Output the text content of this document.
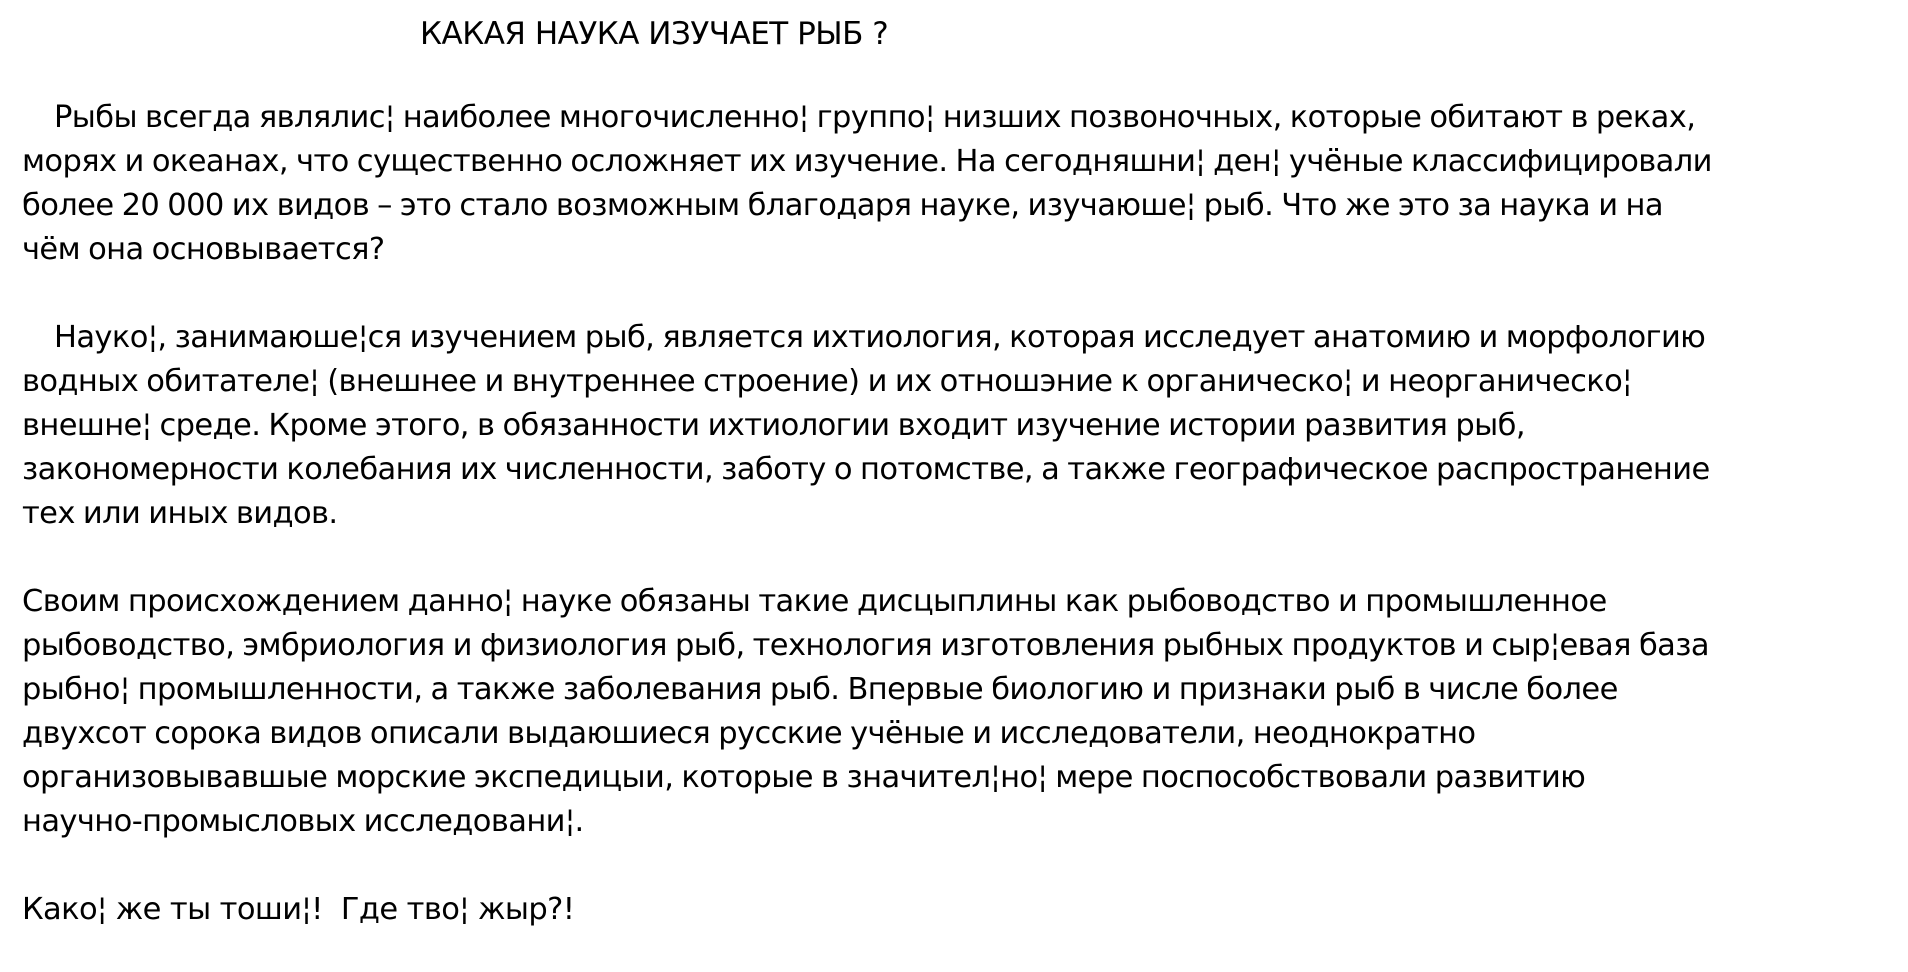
КАКАЯ НАУКА ИЗУЧАЕТ РЫБ ?

Рыбы всегда являлис¦ наиболее многочисленно¦ группо¦ низших позвоночных, которые обитают в реках,
морях и океанах, что существенно осложняет их изучение. На сегодняшни¦ ден¦ учёные классифицировали
более 20 000 их видов – это стало возможным благодаря науке, изучаюше¦ рыб. Что же это за наука и на
чём она основывается?

Науко¦, занимаюше¦ся изучением рыб, является ихтиология, которая исследует анатомию и морфологию
водных обитателе¦ (внешнее и внутреннее строение) и их отношэние к органическо¦ и неорганическо¦
внешне¦ среде. Кроме этого, в обязанности ихтиологии входит изучение истории развития рыб,
закономерности колебания их численности, заботу о потомстве, а также географическое распространение
тех или иных видов.

Своим происхождением данно¦ науке обязаны такие дисцыплины как рыбоводство и промышленное
рыбоводство, эмбриология и физиология рыб, технология изготовления рыбных продуктов и сыр¦евая база
рыбно¦ промышленности, а также заболевания рыб. Впервые биологию и признаки рыб в числе более
двухсот сорока видов описали выдаюшиеся русские учёные и исследователи, неоднократно
организовывавшые морские экспедицыи, которые в значител¦но¦ мере поспособствовали развитию
научно-промысловых исследовани¦.

Како¦ же ты тоши¦!  Где тво¦ жыр?!
